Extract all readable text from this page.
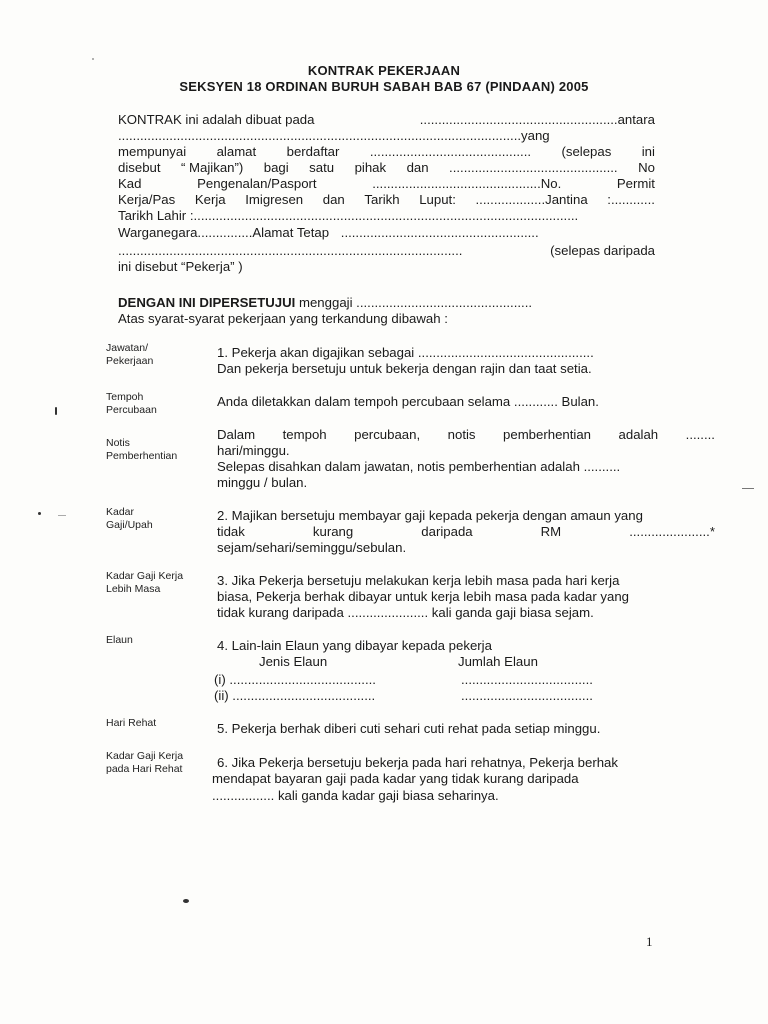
KONTRAK PEKERJAAN
SEKSYEN 18 ORDINAN BURUH SABAH BAB 67 (PINDAAN) 2005
KONTRAK ini adalah dibuat pada	......................................................antara
..............................................................................................................yang
mempunyai alamat berdaftar ............................................ (selepas ini
disebut “ Majikan”) bagi satu pihak dan .............................................. No
Kad	Pengenalan/Pasport	..............................................No.	Permit
Kerja/Pas Kerja Imigresen dan Tarikh Luput: ...................Jantina :............
Tarikh Lahir :.........................................................................................................
Warganegara...............Alamat Tetap ......................................................
..............................................................................................	(selepas daripada
ini disebut “Pekerja” )
DENGAN INI DIPERSETUJUI menggaji ................................................
Atas syarat-syarat pekerjaan yang terkandung dibawah :
Jawatan/
Pekerjaan
1. Pekerja akan digajikan sebagai ................................................
Dan pekerja bersetuju untuk bekerja dengan rajin dan taat setia.
Tempoh
Percubaan
Anda diletakkan dalam tempoh percubaan selama ............ Bulan.
Notis
Pemberhentian
Dalam tempoh percubaan, notis pemberhentian adalah ........
hari/minggu.
Selepas disahkan dalam jawatan, notis pemberhentian adalah ..........
minggu / bulan.
Kadar
Gaji/Upah
2. Majikan bersetuju membayar gaji kepada pekerja dengan amaun yang
tidak	kurang	daripada	RM	......................*
sejam/sehari/seminggu/sebulan.
Kadar Gaji Kerja
Lebih Masa
3. Jika Pekerja bersetuju melakukan kerja lebih masa pada hari kerja
biasa, Pekerja berhak dibayar untuk kerja lebih masa pada kadar yang
tidak kurang daripada ...................... kali ganda gaji biasa sejam.
Elaun	4. Lain-lain Elaun yang dibayar kepada pekerja
Jenis Elaun	Jumlah Elaun
(i) ........................................	....................................
(ii) .......................................	....................................
Hari Rehat	5. Pekerja berhak diberi cuti sehari cuti rehat pada setiap minggu.
Kadar Gaji Kerja
pada Hari Rehat	6. Jika Pekerja bersetuju bekerja pada hari rehatnya, Pekerja berhak
mendapat bayaran gaji pada kadar yang tidak kurang daripada
................. kali ganda kadar gaji biasa seharinya.
1
